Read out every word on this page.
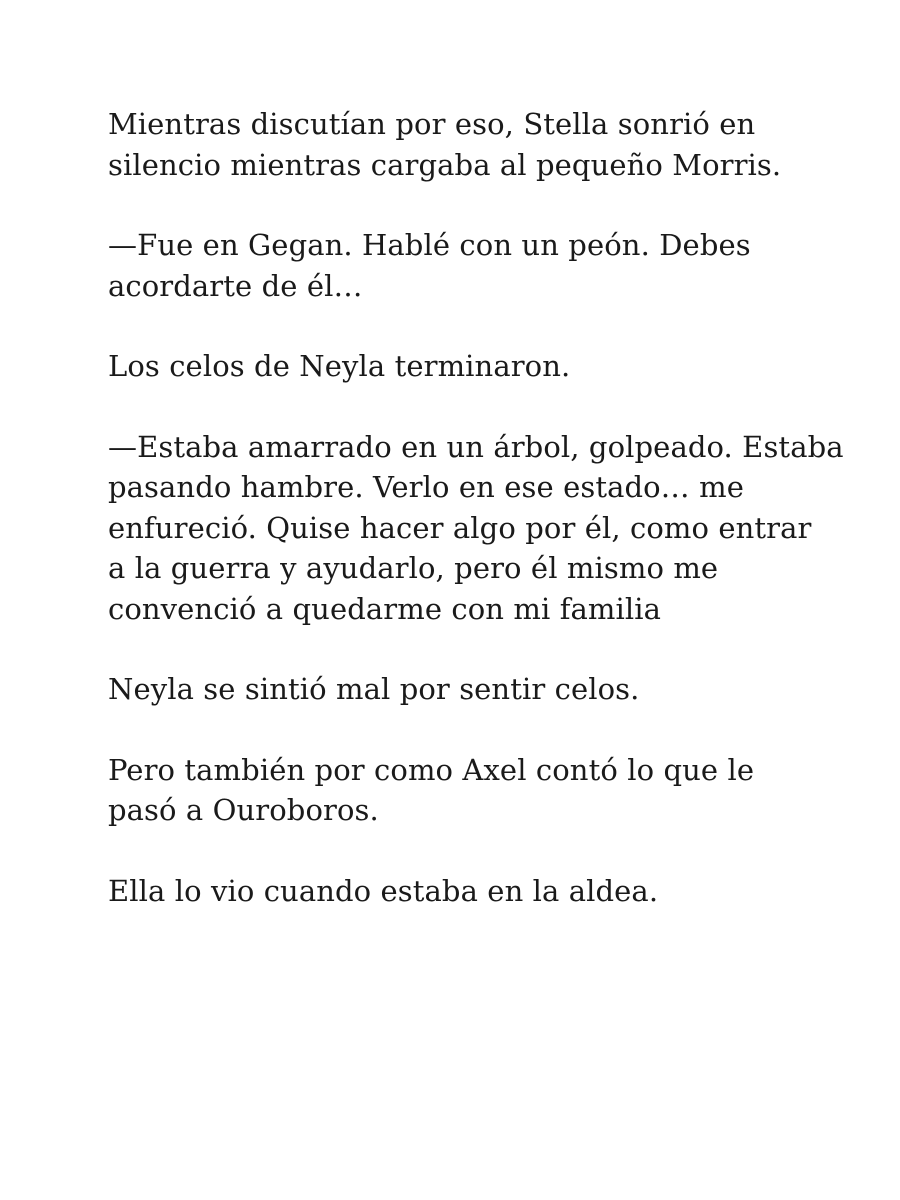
Mientras discutían por eso, Stella sonrió en
silencio mientras cargaba al pequeño Morris.

—Fue en Gegan. Hablé con un peón. Debes
acordarte de él…

Los celos de Neyla terminaron.

—Estaba amarrado en un árbol, golpeado. Estaba
pasando hambre. Verlo en ese estado… me
enfureció. Quise hacer algo por él, como entrar
a la guerra y ayudarlo, pero él mismo me
convenció a quedarme con mi familia

Neyla se sintió mal por sentir celos.

Pero también por como Axel contó lo que le
pasó a Ouroboros.

Ella lo vio cuando estaba en la aldea.
